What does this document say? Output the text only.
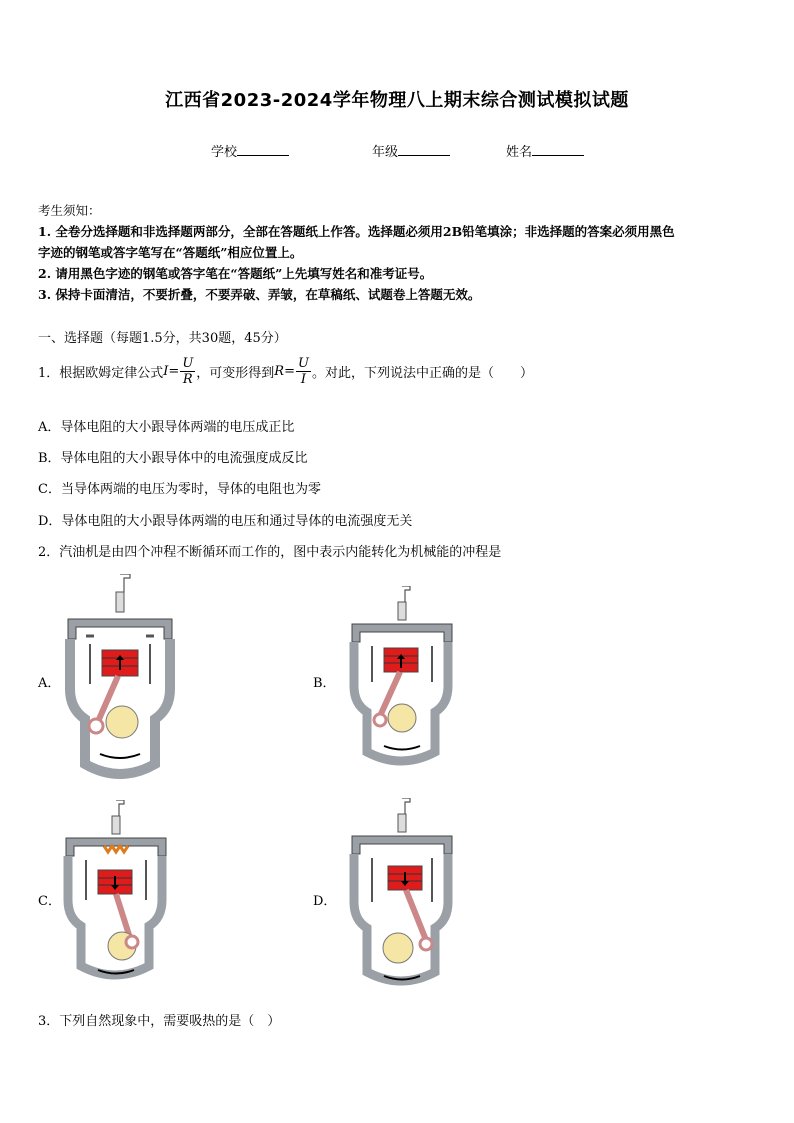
江西省2023-2024学年物理八上期末综合测试模拟试题
学校	年级	姓名
考生须知：
1. 全卷分选择题和非选择题两部分，全部在答题纸上作答。选择题必须用2B铅笔填涂；非选择题的答案必须用黑色
字迹的钢笔或答字笔写在“答题纸”相应位置上。
2. 请用黑色字迹的钢笔或答字笔在“答题纸”上先填写姓名和准考证号。
3. 保持卡面清洁，不要折叠，不要弄破、弄皱，在草稿纸、试题卷上答题无效。
一、选择题（每题1.5分，共30题，45分）
1．根据欧姆定律公式 $I= \frac{U}{R}$ ，可变形得到 $R= \frac{U}{I}$ 。对此，下列说法中正确的是（　　）
A．导体电阻的大小跟导体两端的电压成正比
B．导体电阻的大小跟导体中的电流强度成反比
C．当导体两端的电压为零时，导体的电阻也为零
D．导体电阻的大小跟导体两端的电压和通过导体的电流强度无关
2．汽油机是由四个冲程不断循环而工作的，图中表示内能转化为机械能的冲程是
A．	B．
C．	D．
3．下列自然现象中，需要吸热的是（　）
